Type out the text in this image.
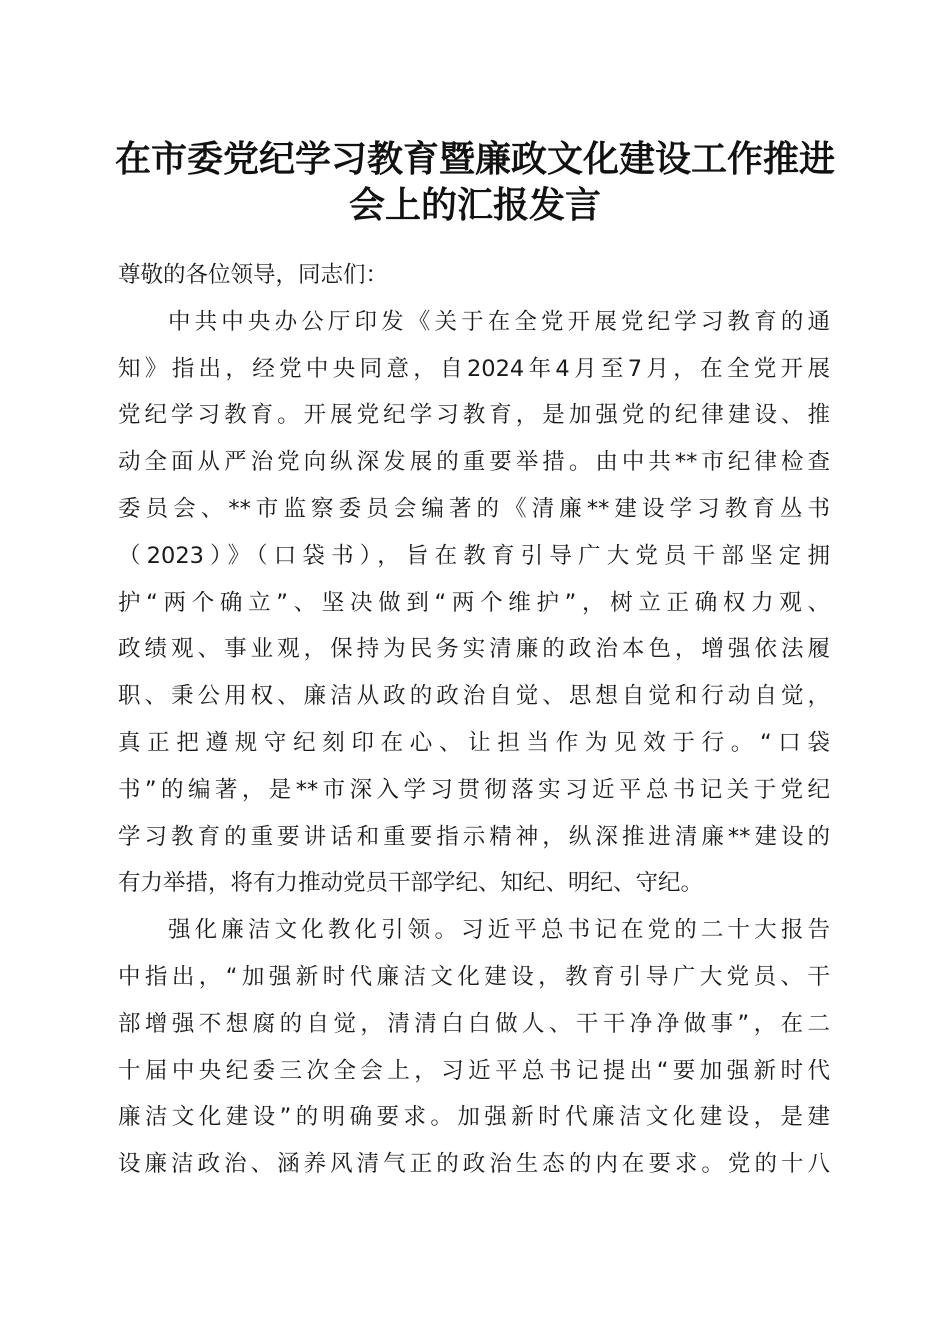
在市委党纪学习教育暨廉政文化建设工作推进
会上的汇报发言
尊敬的各位领导，同志们：
中共中央办公厅印发《关于在全党开展党纪学习教育的通
知》指出，经党中央同意，自2024年4月至7月，在全党开展
党纪学习教育。开展党纪学习教育，是加强党的纪律建设、推
动全面从严治党向纵深发展的重要举措。由中共**市纪律检查
委员会、**市监察委员会编著的《清廉**建设学习教育丛书
（2023）》（口袋书），旨在教育引导广大党员干部坚定拥
护“两个确立”、坚决做到“两个维护”，树立正确权力观、
政绩观、事业观，保持为民务实清廉的政治本色，增强依法履
职、秉公用权、廉洁从政的政治自觉、思想自觉和行动自觉，
真正把遵规守纪刻印在心、让担当作为见效于行。“口袋
书”的编著，是**市深入学习贯彻落实习近平总书记关于党纪
学习教育的重要讲话和重要指示精神，纵深推进清廉**建设的
有力举措，将有力推动党员干部学纪、知纪、明纪、守纪。
强化廉洁文化教化引领。习近平总书记在党的二十大报告
中指出，“加强新时代廉洁文化建设，教育引导广大党员、干
部增强不想腐的自觉，清清白白做人、干干净净做事”，在二
十届中央纪委三次全会上，习近平总书记提出“要加强新时代
廉洁文化建设”的明确要求。加强新时代廉洁文化建设，是建
设廉洁政治、涵养风清气正的政治生态的内在要求。党的十八
